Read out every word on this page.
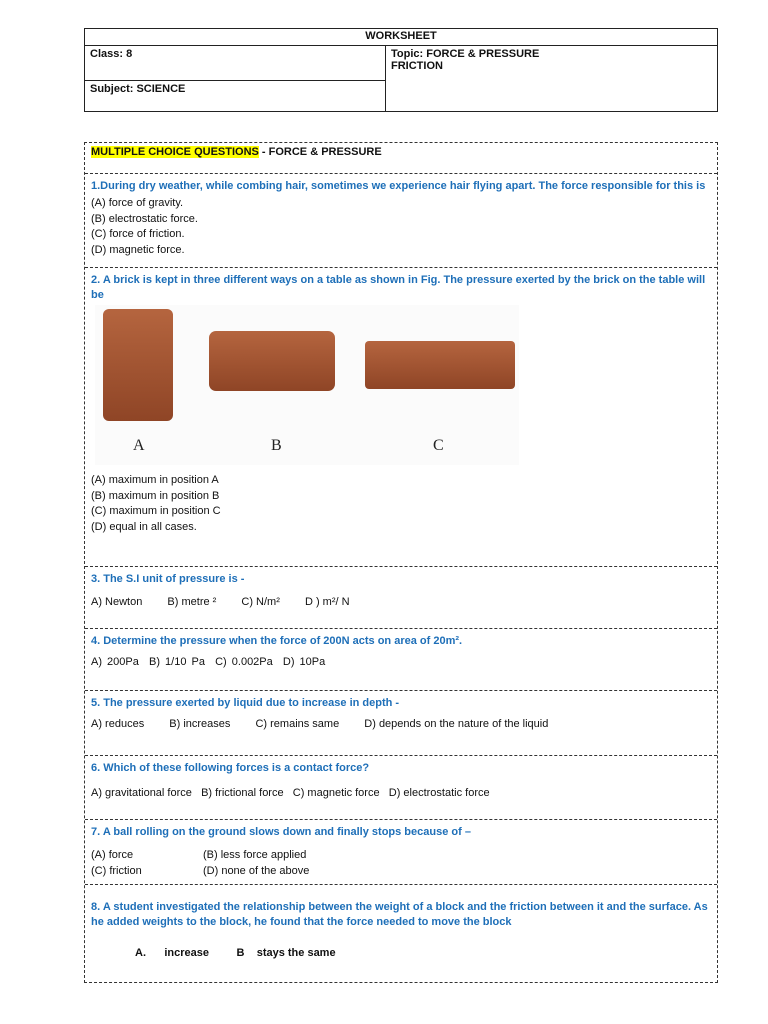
WORKSHEET
Class: 8	Topic: FORCE & PRESSURE
FRICTION

Subject: SCIENCE
MULTIPLE CHOICE QUESTIONS - FORCE & PRESSURE
1.During dry weather, while combing hair, sometimes we experience hair flying apart. The force responsible for this is
(A) force of gravity.
(B) electrostatic force.
(C) force of friction.
(D) magnetic force.
2. A brick is kept in three different ways on a table as shown in Fig. The pressure exerted by the brick on the table will be
A	B	C
(A) maximum in position A
(B) maximum in position B
(C) maximum in position C
(D) equal in all cases.
3. The S.I unit of pressure is -
A) Newton B) metre ² C) N/m² D ) m²/ N
4. Determine the pressure when the force of 200N acts on area of 20m².
A) 200Pa B) 1/10 Pa C) 0.002Pa D) 10Pa
5. The pressure exerted by liquid due to increase in depth -
A) reduces B) increases C) remains same D) depends on the nature of the liquid
6. Which of these following forces is a contact force?
A) gravitational force B) frictional force C) magnetic force D) electrostatic force
7. A ball rolling on the ground slows down and finally stops because of –
(A) force	(B) less force applied
(C) friction	(D) none of the above
8. A student investigated the relationship between the weight of a block and the friction between it and the surface. As he added weights to the block, he found that the force needed to move the block
A. increase	B stays the same
